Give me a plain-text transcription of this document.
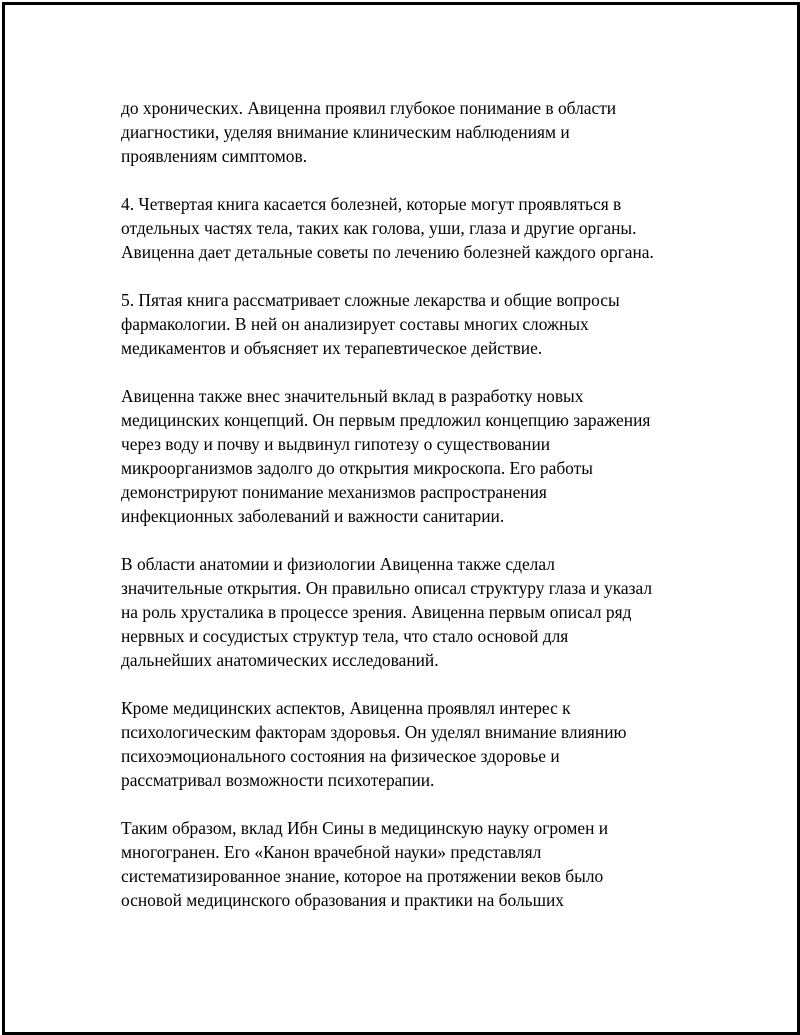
до хронических. Авиценна проявил глубокое понимание в области
диагностики, уделяя внимание клиническим наблюдениям и
проявлениям симптомов.

4. Четвертая книга касается болезней, которые могут проявляться в
отдельных частях тела, таких как голова, уши, глаза и другие органы.
Авиценна дает детальные советы по лечению болезней каждого органа.

5. Пятая книга рассматривает сложные лекарства и общие вопросы
фармакологии. В ней он анализирует составы многих сложных
медикаментов и объясняет их терапевтическое действие.

Авиценна также внес значительный вклад в разработку новых
медицинских концепций. Он первым предложил концепцию заражения
через воду и почву и выдвинул гипотезу о существовании
микроорганизмов задолго до открытия микроскопа. Его работы
демонстрируют понимание механизмов распространения
инфекционных заболеваний и важности санитарии.

В области анатомии и физиологии Авиценна также сделал
значительные открытия. Он правильно описал структуру глаза и указал
на роль хрусталика в процессе зрения. Авиценна первым описал ряд
нервных и сосудистых структур тела, что стало основой для
дальнейших анатомических исследований.

Кроме медицинских аспектов, Авиценна проявлял интерес к
психологическим факторам здоровья. Он уделял внимание влиянию
психоэмоционального состояния на физическое здоровье и
рассматривал возможности психотерапии.

Таким образом, вклад Ибн Сины в медицинскую науку огромен и
многогранен. Его «Канон врачебной науки» представлял
систематизированное знание, которое на протяжении веков было
основой медицинского образования и практики на больших
